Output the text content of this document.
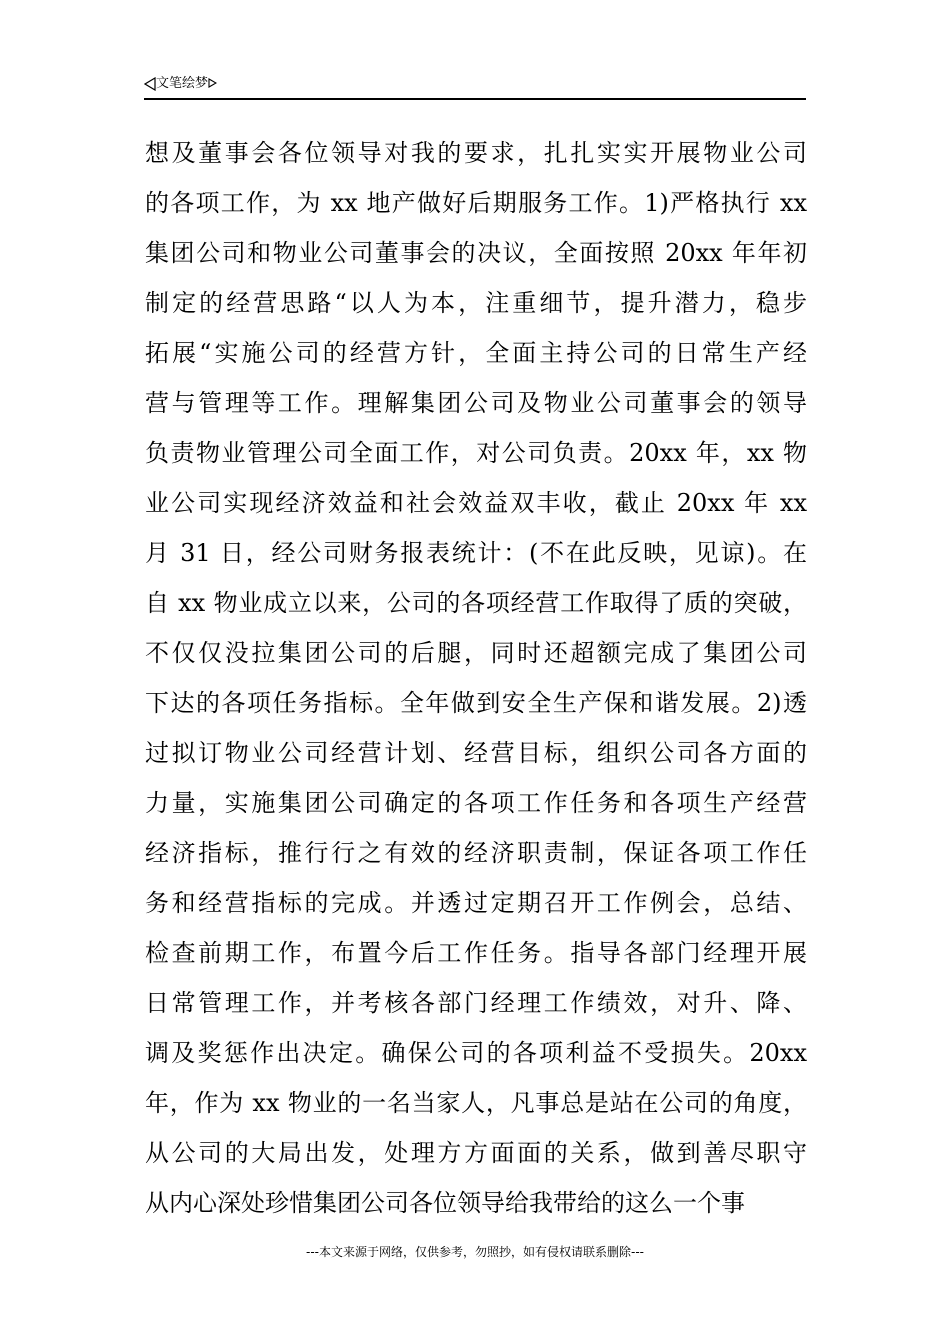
文笔绘梦
想及董事会各位领导对我的要求，扎扎实实开展物业公司
的各项工作，为 xx 地产做好后期服务工作。1)严格执行 xx
集团公司和物业公司董事会的决议，全面按照 20xx 年年初
制定的经营思路“以人为本，注重细节，提升潜力，稳步
拓展“实施公司的经营方针，全面主持公司的日常生产经
营与管理等工作。理解集团公司及物业公司董事会的领导
负责物业管理公司全面工作，对公司负责。20xx 年，xx 物
业公司实现经济效益和社会效益双丰收，截止 20xx 年 xx
月 31 日，经公司财务报表统计：(不在此反映，见谅)。在
自 xx 物业成立以来，公司的各项经营工作取得了质的突破，
不仅仅没拉集团公司的后腿，同时还超额完成了集团公司
下达的各项任务指标。全年做到安全生产保和谐发展。2)透
过拟订物业公司经营计划、经营目标，组织公司各方面的
力量，实施集团公司确定的各项工作任务和各项生产经营
经济指标，推行行之有效的经济职责制，保证各项工作任
务和经营指标的完成。并透过定期召开工作例会，总结、
检查前期工作，布置今后工作任务。指导各部门经理开展
日常管理工作，并考核各部门经理工作绩效，对升、降、
调及奖惩作出决定。确保公司的各项利益不受损失。20xx
年，作为 xx 物业的一名当家人，凡事总是站在公司的角度，
从公司的大局出发，处理方方面面的关系，做到善尽职守
从内心深处珍惜集团公司各位领导给我带给的这么一个事
---本文来源于网络，仅供参考，勿照抄，如有侵权请联系删除---
